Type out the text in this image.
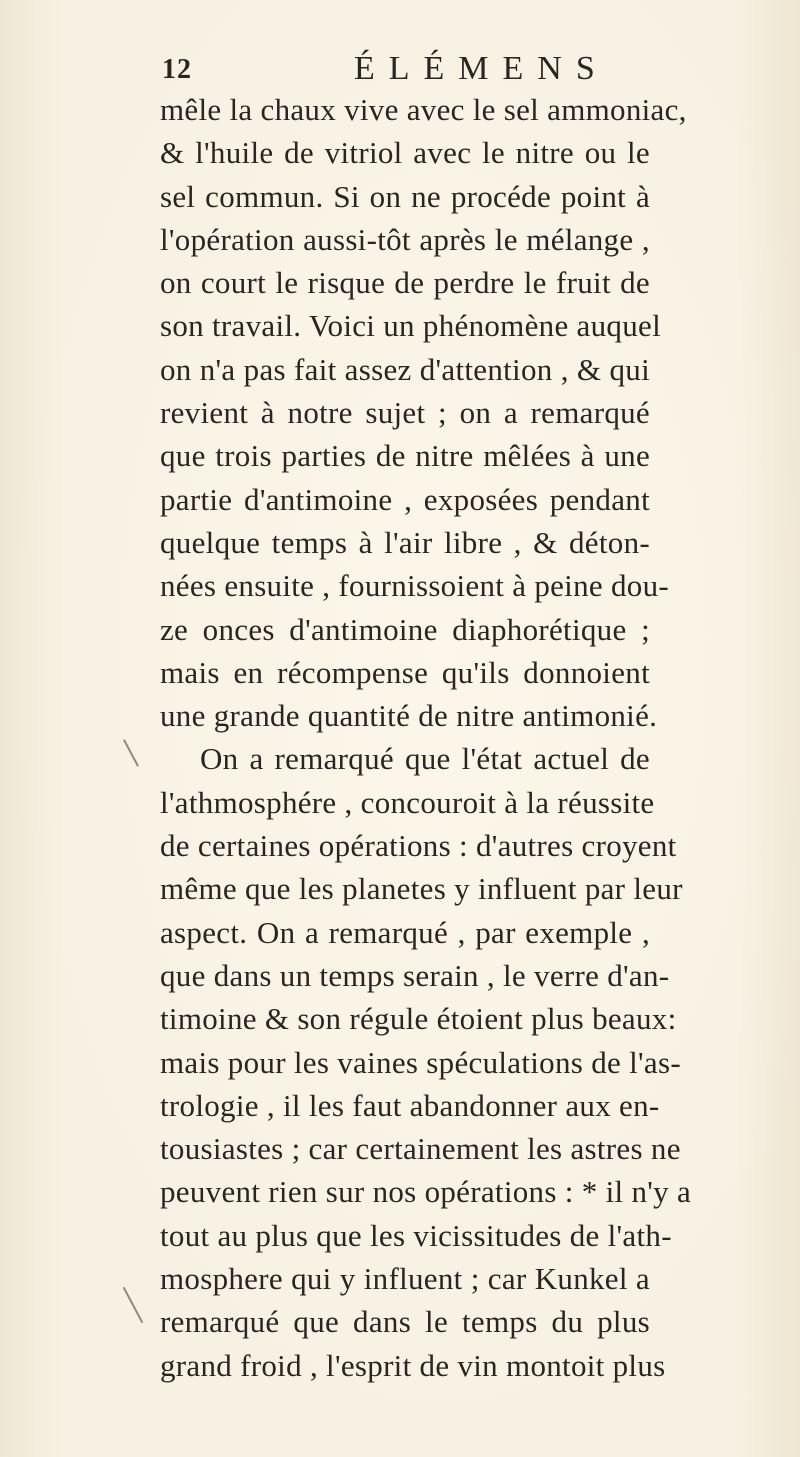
12	ÉLÉMENS
mêle la chaux vive avec le sel ammoniac,
& l'huile de vitriol avec le nitre ou le
sel commun. Si on ne procéde point à
l'opération aussi-tôt après le mélange ,
on court le risque de perdre le fruit de
son travail. Voici un phénomène auquel
on n'a pas fait assez d'attention , & qui
revient à notre sujet ; on a remarqué
que trois parties de nitre mêlées à une
partie d'antimoine , exposées pendant
quelque temps à l'air libre , & déton-
nées ensuite , fournissoient à peine dou-
ze onces d'antimoine diaphorétique ;
mais en récompense qu'ils donnoient
une grande quantité de nitre antimonié.
On a remarqué que l'état actuel de
l'athmosphére , concouroit à la réussite
de certaines opérations : d'autres croyent
même que les planetes y influent par leur
aspect. On a remarqué , par exemple ,
que dans un temps serain , le verre d'an-
timoine & son régule étoient plus beaux:
mais pour les vaines spéculations de l'as-
trologie , il les faut abandonner aux en-
tousiastes ; car certainement les astres ne
peuvent rien sur nos opérations : * il n'y a
tout au plus que les vicissitudes de l'ath-
mosphere qui y influent ; car Kunkel a
remarqué que dans le temps du plus
grand froid , l'esprit de vin montoit plus
